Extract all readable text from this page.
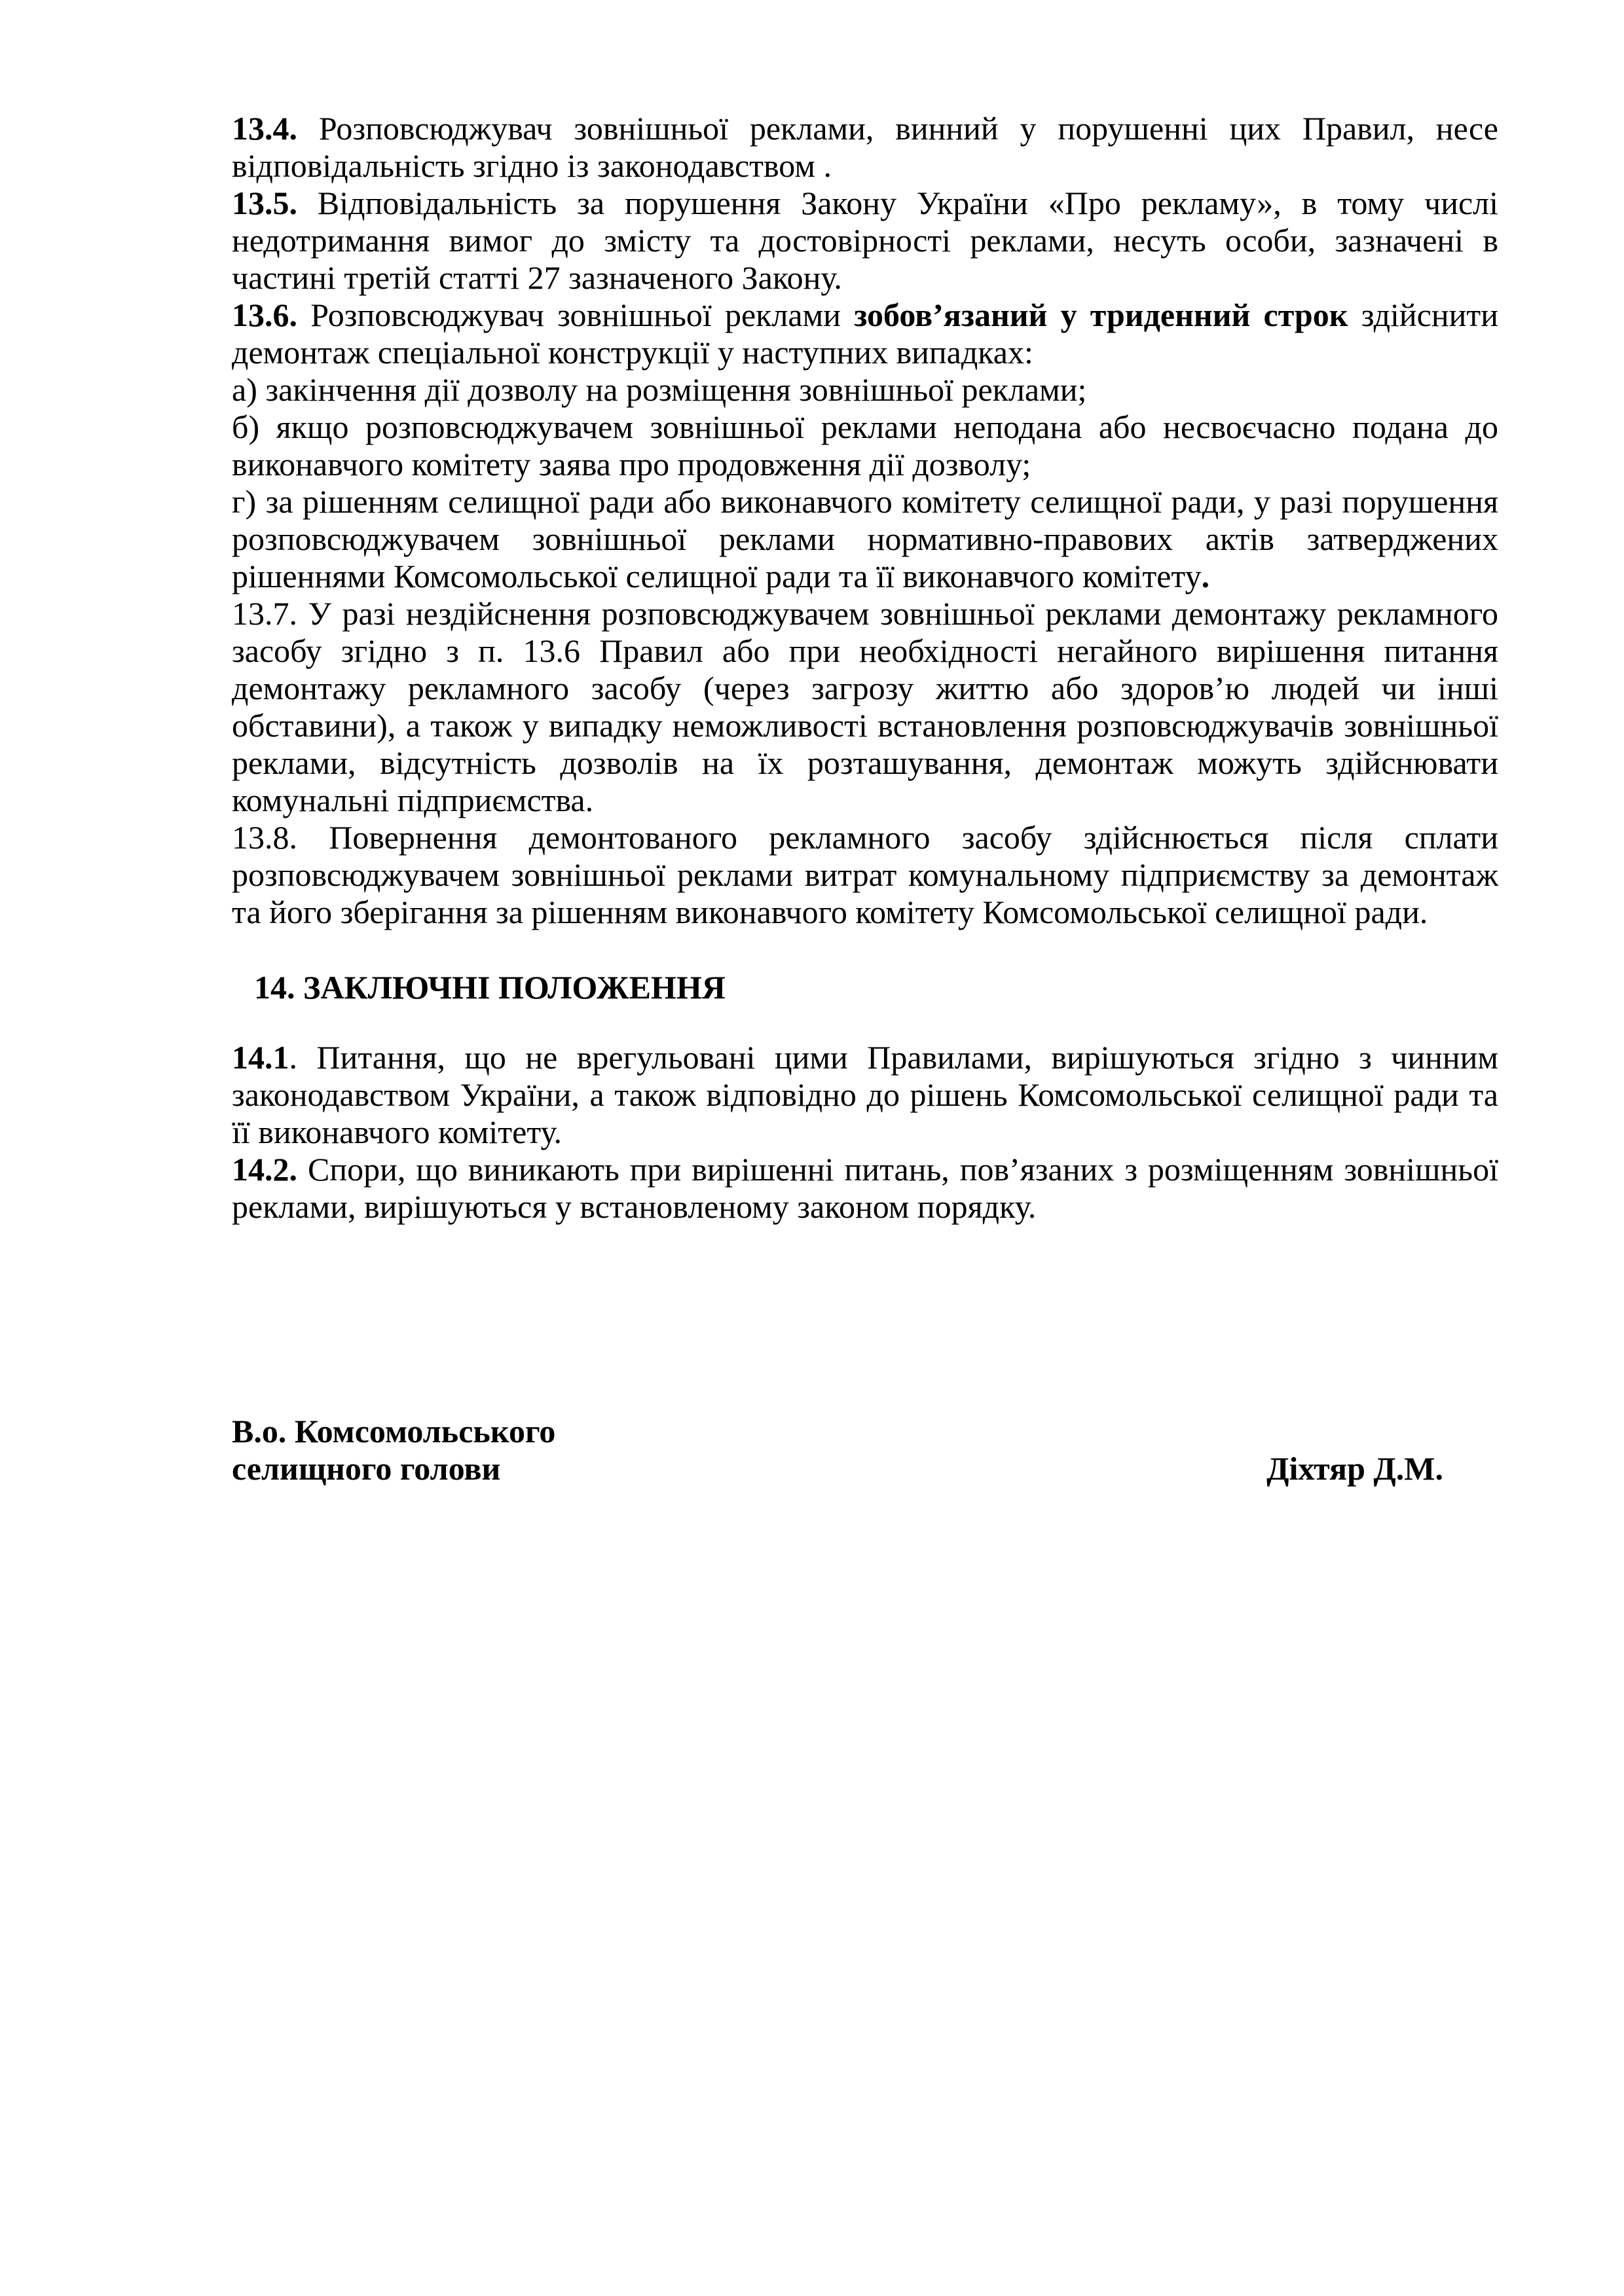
13.4. Розповсюджувач зовнішньої реклами, винний у порушенні цих Правил, несе відповідальність згідно із законодавством .

13.5. Відповідальність за порушення Закону України «Про рекламу», в тому числі недотримання вимог до змісту та достовірності реклами, несуть особи, зазначені в частині третій статті 27 зазначеного Закону.

13.6. Розповсюджувач зовнішньої реклами зобов’язаний у триденний строк здійснити демонтаж спеціальної конструкції у наступних випадках:

а) закінчення дії дозволу на розміщення зовнішньої реклами;

б) якщо розповсюджувачем зовнішньої реклами неподана або несвоєчасно подана до виконавчого комітету заява про продовження дії дозволу;

г) за рішенням селищної ради або виконавчого комітету селищної ради, у разі порушення розповсюджувачем зовнішньої реклами нормативно-правових актів затверджених рішеннями Комсомольської селищної ради та її виконавчого комітету.

13.7. У разі нездійснення розповсюджувачем зовнішньої реклами демонтажу рекламного засобу згідно з п. 13.6 Правил або при необхідності негайного вирішення питання демонтажу рекламного засобу (через загрозу життю або здоров’ю людей чи інші обставини), а також у випадку неможливості встановлення розповсюджувачів зовнішньої реклами, відсутність дозволів на їх розташування, демонтаж можуть здійснювати комунальні підприємства.

13.8. Повернення демонтованого рекламного засобу здійснюється після сплати розповсюджувачем зовнішньої реклами витрат комунальному підприємству за демонтаж та його зберігання за рішенням виконавчого комітету Комсомольської селищної ради.

14. ЗАКЛЮЧНІ ПОЛОЖЕННЯ

14.1. Питання, що не врегульовані цими Правилами, вирішуються згідно з чинним законодавством України, а також відповідно до рішень Комсомольської селищної ради та її виконавчого комітету.

14.2. Спори, що виникають при вирішенні питань, пов’язаних з розміщенням зовнішньої реклами, вирішуються у встановленому законом порядку.

В.о. Комсомольського
селищного голови	Діхтяр Д.М.
